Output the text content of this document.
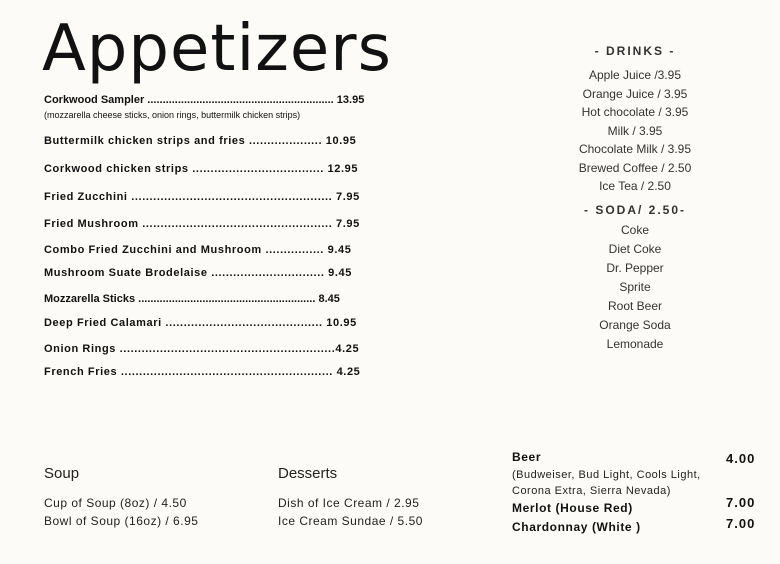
Appetizers
Corkwood Sampler ............................................................. 13.95
(mozzarella cheese sticks, onion rings, buttermilk chicken strips)
Buttermilk chicken strips and fries .................... 10.95
Corkwood chicken strips .................................... 12.95
Fried Zucchini ....................................................... 7.95
Fried Mushroom .................................................... 7.95
Combo Fried Zucchini and Mushroom ................ 9.45
Mushroom Suate Brodelaise ............................... 9.45
Mozzarella Sticks .......................................................... 8.45
Deep Fried Calamari ........................................... 10.95
Onion Rings ...........................................................4.25
French Fries .......................................................... 4.25
- DRINKS -
Apple Juice /3.95
Orange Juice / 3.95
Hot chocolate / 3.95
Milk / 3.95
Chocolate Milk / 3.95
Brewed Coffee / 2.50
Ice Tea / 2.50
- SODA/ 2.50-
Coke
Diet Coke
Dr. Pepper
Sprite
Root Beer
Orange Soda
Lemonade
Soup
Cup of Soup (8oz) / 4.50
Bowl of Soup (16oz) / 6.95
Desserts
Dish of Ice Cream / 2.95
Ice Cream Sundae / 5.50
Beer	4.00
(Budweiser, Bud Light, Cools Light, Corona Extra, Sierra Nevada)
Merlot (House Red)	7.00
Chardonnay (White )	7.00
